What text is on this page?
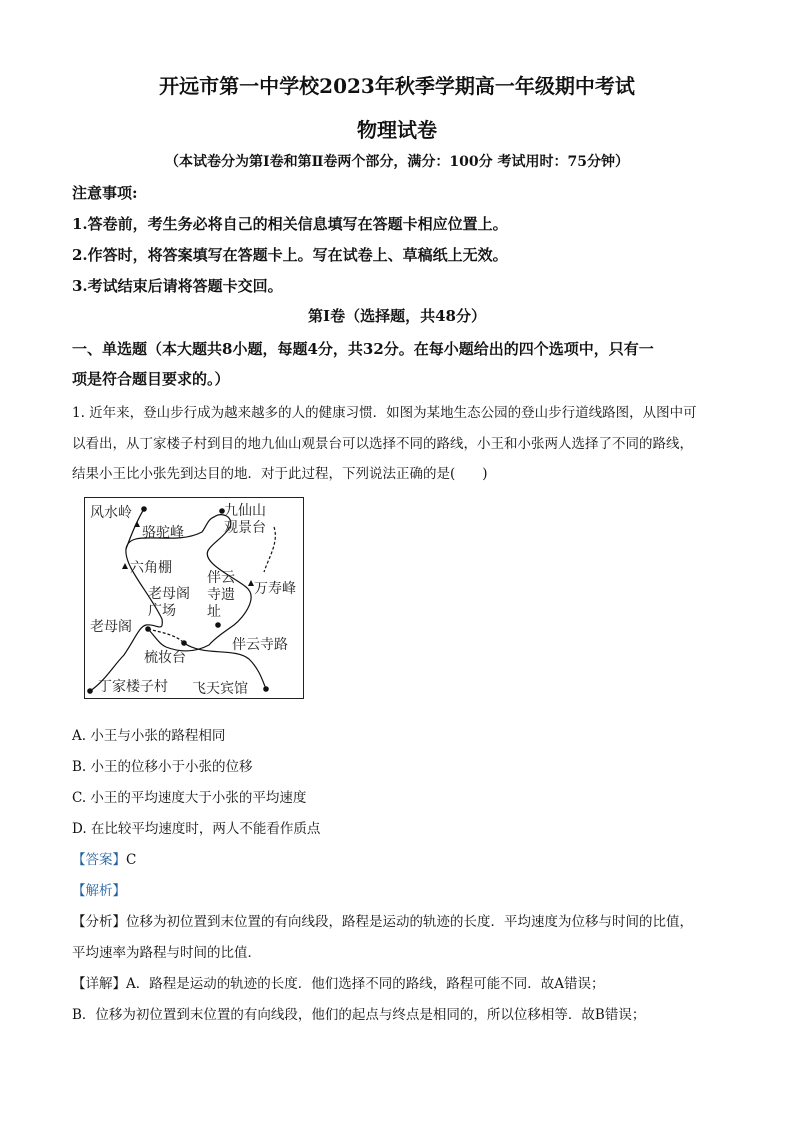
开远市第一中学校2023年秋季学期高一年级期中考试
物理试卷
（本试卷分为第Ⅰ卷和第Ⅱ卷两个部分，满分：100分 考试用时：75分钟）
注意事项:
1.答卷前，考生务必将自己的相关信息填写在答题卡相应位置上。
2.作答时，将答案填写在答题卡上。写在试卷上、草稿纸上无效。
3.考试结束后请将答题卡交回。
第Ⅰ卷（选择题，共48分）
一、单选题（本大题共8小题，每题4分，共32分。在每小题给出的四个选项中，只有一
项是符合题目要求的。）
1. 近年来，登山步行成为越来越多的人的健康习惯．如图为某地生态公园的登山步行道线路图，从图中可
以看出，从丁家楼子村到目的地九仙山观景台可以选择不同的路线，小王和小张两人选择了不同的路线，
结果小王比小张先到达目的地．对于此过程，下列说法正确的是(　　)
风水岭	九仙山
观景台
骆驼峰
六角棚
老母阁
广场
伴云
寺遗
址
万寿峰
老母阁
梳妆台
伴云寺路
丁家楼子村 飞天宾馆
A. 小王与小张的路程相同
B. 小王的位移小于小张的位移
C. 小王的平均速度大于小张的平均速度
D. 在比较平均速度时，两人不能看作质点
【答案】C
【解析】
【分析】位移为初位置到末位置的有向线段，路程是运动的轨迹的长度．平均速度为位移与时间的比值，
平均速率为路程与时间的比值．
【详解】A．路程是运动的轨迹的长度．他们选择不同的路线，路程可能不同．故A错误；
B．位移为初位置到末位置的有向线段，他们的起点与终点是相同的，所以位移相等．故B错误；
